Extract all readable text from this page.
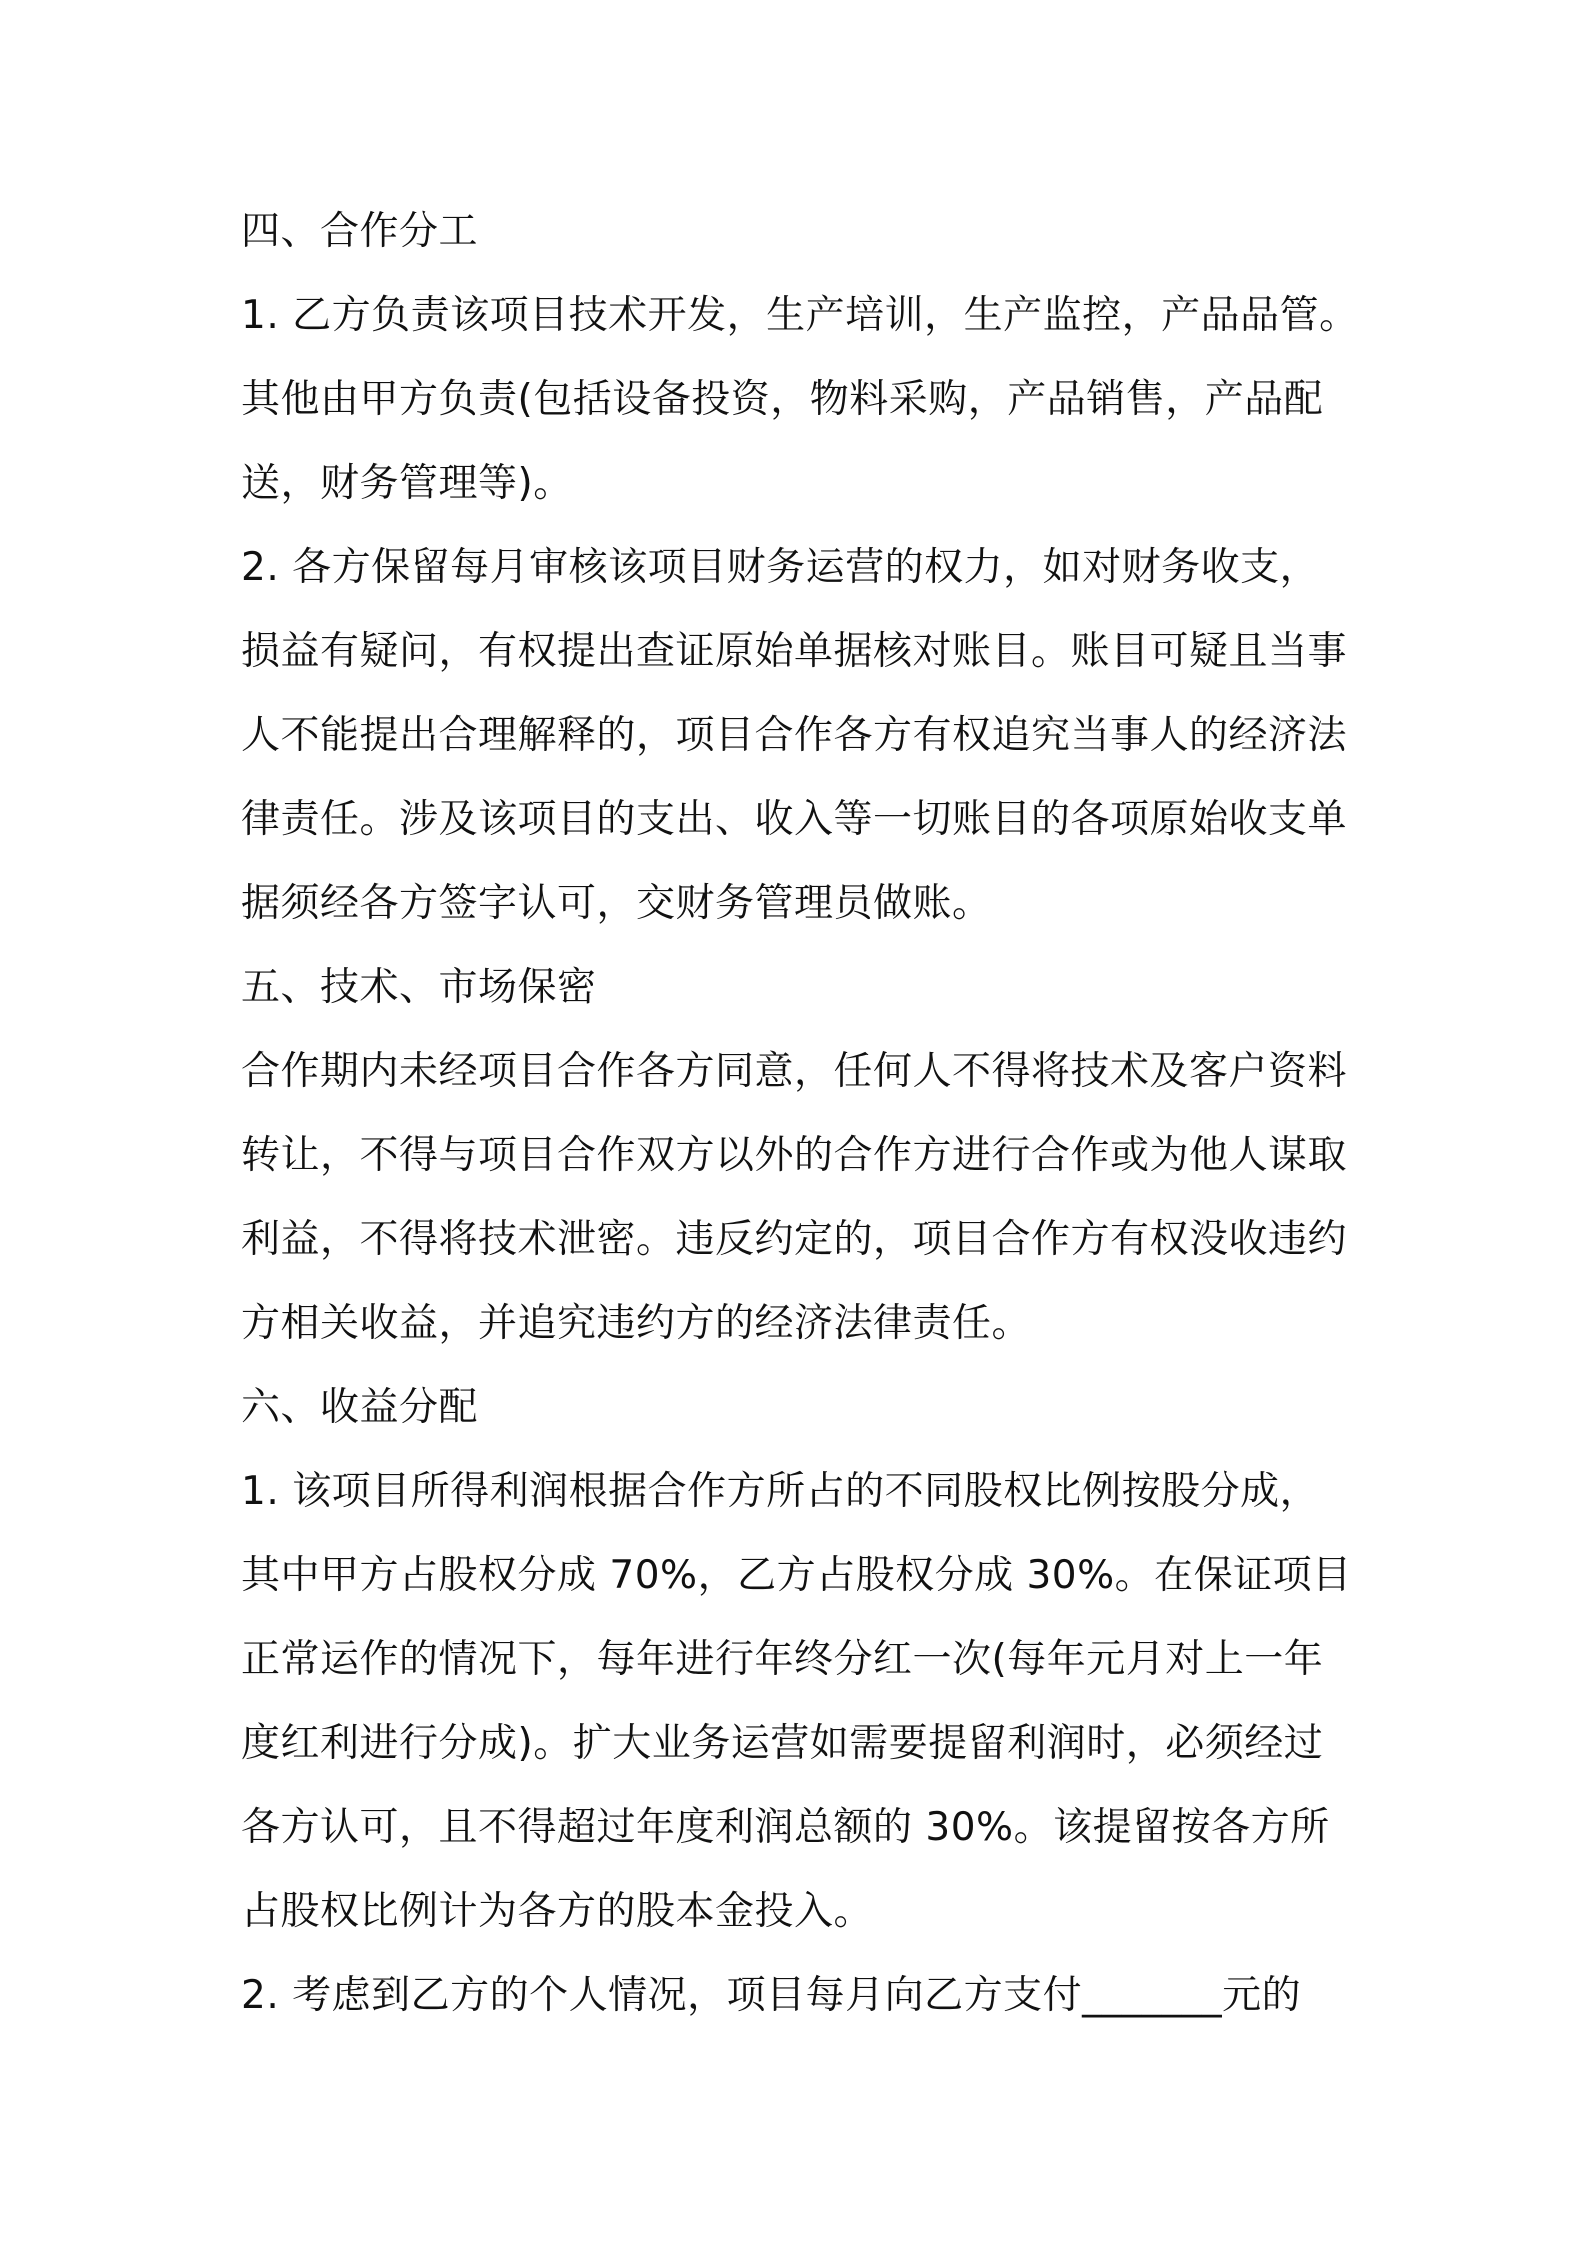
四、合作分工
1. 乙方负责该项目技术开发，生产培训，生产监控，产品品管。
其他由甲方负责(包括设备投资，物料采购，产品销售，产品配
送，财务管理等)。
2. 各方保留每月审核该项目财务运营的权力，如对财务收支，
损益有疑问，有权提出查证原始单据核对账目。账目可疑且当事
人不能提出合理解释的，项目合作各方有权追究当事人的经济法
律责任。涉及该项目的支出、收入等一切账目的各项原始收支单
据须经各方签字认可，交财务管理员做账。
五、技术、市场保密
合作期内未经项目合作各方同意，任何人不得将技术及客户资料
转让，不得与项目合作双方以外的合作方进行合作或为他人谋取
利益，不得将技术泄密。违反约定的，项目合作方有权没收违约
方相关收益，并追究违约方的经济法律责任。
六、收益分配
1. 该项目所得利润根据合作方所占的不同股权比例按股分成，
其中甲方占股权分成 70%，乙方占股权分成 30%。在保证项目
正常运作的情况下，每年进行年终分红一次(每年元月对上一年
度红利进行分成)。扩大业务运营如需要提留利润时，必须经过
各方认可，且不得超过年度利润总额的 30%。该提留按各方所
占股权比例计为各方的股本金投入。
2. 考虑到乙方的个人情况，项目每月向乙方支付_______元的
